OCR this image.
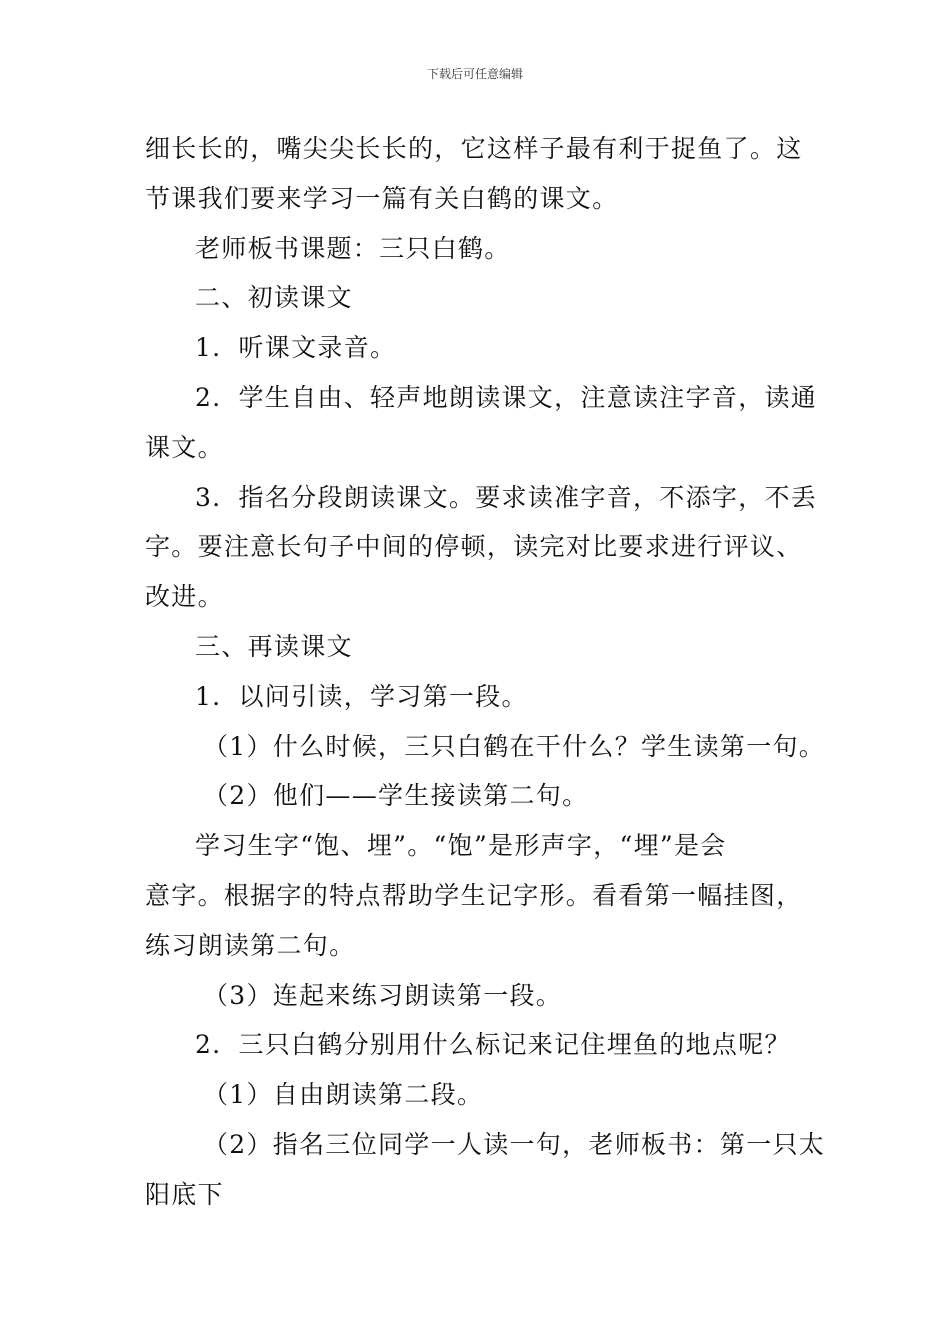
下载后可任意编辑
细长长的，嘴尖尖长长的，它这样子最有利于捉鱼了。这
节课我们要来学习一篇有关白鹤的课文。
老师板书课题：三只白鹤。
二、初读课文
1．听课文录音。
2．学生自由、轻声地朗读课文，注意读注字音，读通
课文。
3．指名分段朗读课文。要求读准字音，不添字，不丢
字。要注意长句子中间的停顿，读完对比要求进行评议、
改进。
三、再读课文
1．以问引读，学习第一段。
（1）什么时候，三只白鹤在干什么？学生读第一句。
（2）他们——学生接读第二句。
学习生字“饱、埋”。“饱”是形声字，“埋”是会
意字。根据字的特点帮助学生记字形。看看第一幅挂图，
练习朗读第二句。
（3）连起来练习朗读第一段。
2．三只白鹤分别用什么标记来记住埋鱼的地点呢？
（1）自由朗读第二段。
（2）指名三位同学一人读一句，老师板书：第一只太
阳底下
